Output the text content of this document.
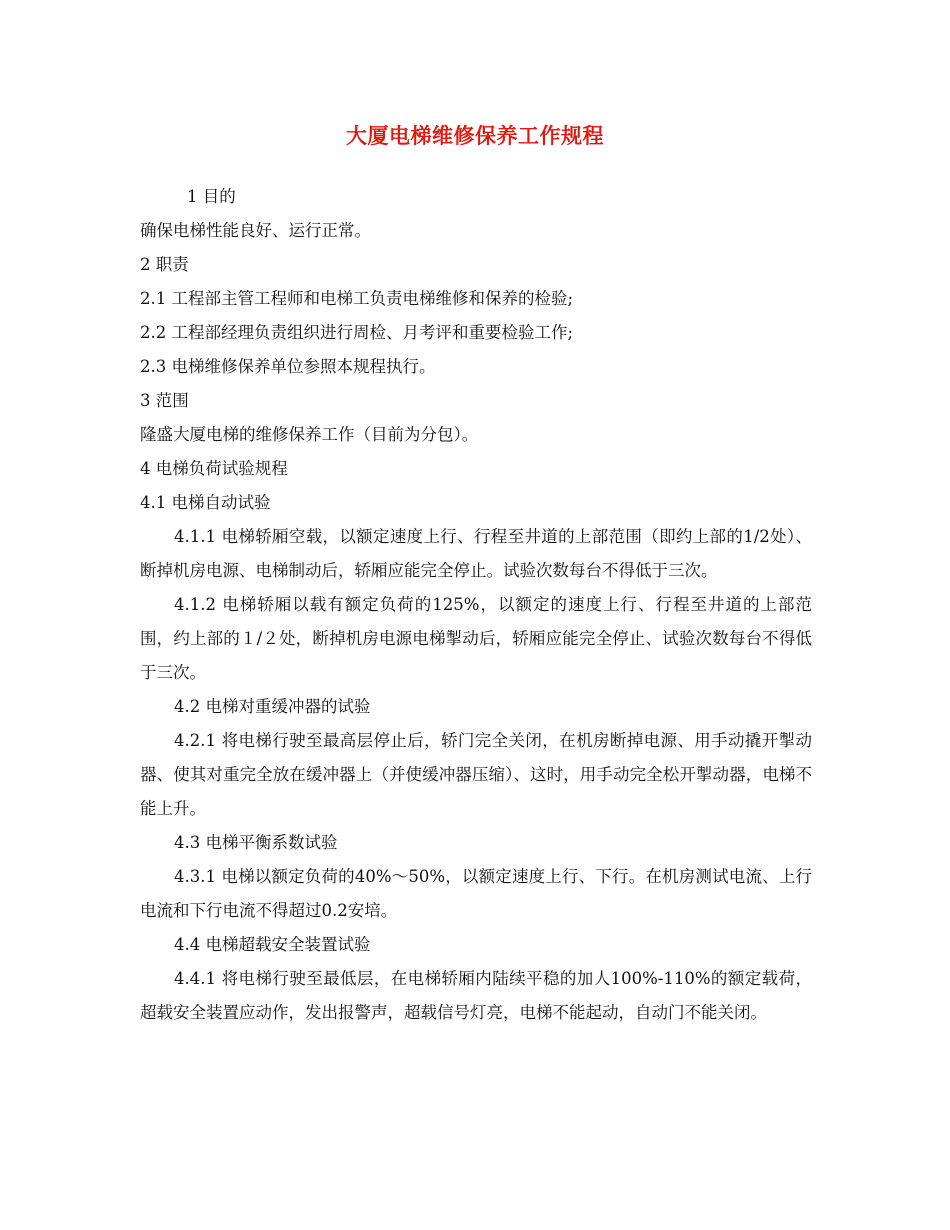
大厦电梯维修保养工作规程

1 目的

确保电梯性能良好、运行正常。

2 职责

2.1 工程部主管工程师和电梯工负责电梯维修和保养的检验;

2.2 工程部经理负责组织进行周检、月考评和重要检验工作;

2.3 电梯维修保养单位参照本规程执行。

3 范围

隆盛大厦电梯的维修保养工作（目前为分包）。

4 电梯负荷试验规程

4.1 电梯自动试验

4.1.1 电梯轿厢空载，以额定速度上行、行程至井道的上部范围（即约上部的1/2处）、断掉机房电源、电梯制动后，轿厢应能完全停止。试验次数每台不得低于三次。

4.1.2 电梯轿厢以载有额定负荷的125%，以额定的速度上行、行程至井道的上部范围，约上部的１/２处，断掉机房电源电梯掣动后，轿厢应能完全停止、试验次数每台不得低于三次。

4.2 电梯对重缓冲器的试验

4.2.1 将电梯行驶至最高层停止后，轿门完全关闭，在机房断掉电源、用手动撬开掣动器、使其对重完全放在缓冲器上（并使缓冲器压缩）、这时，用手动完全松开掣动器，电梯不能上升。

4.3 电梯平衡系数试验

4.3.1 电梯以额定负荷的40%～50%，以额定速度上行、下行。在机房测试电流、上行电流和下行电流不得超过0.2安培。

4.4 电梯超载安全装置试验

4.4.1 将电梯行驶至最低层，在电梯轿厢内陆续平稳的加人100%-110%的额定载荷，超载安全装置应动作，发出报警声，超载信号灯亮，电梯不能起动，自动门不能关闭。
